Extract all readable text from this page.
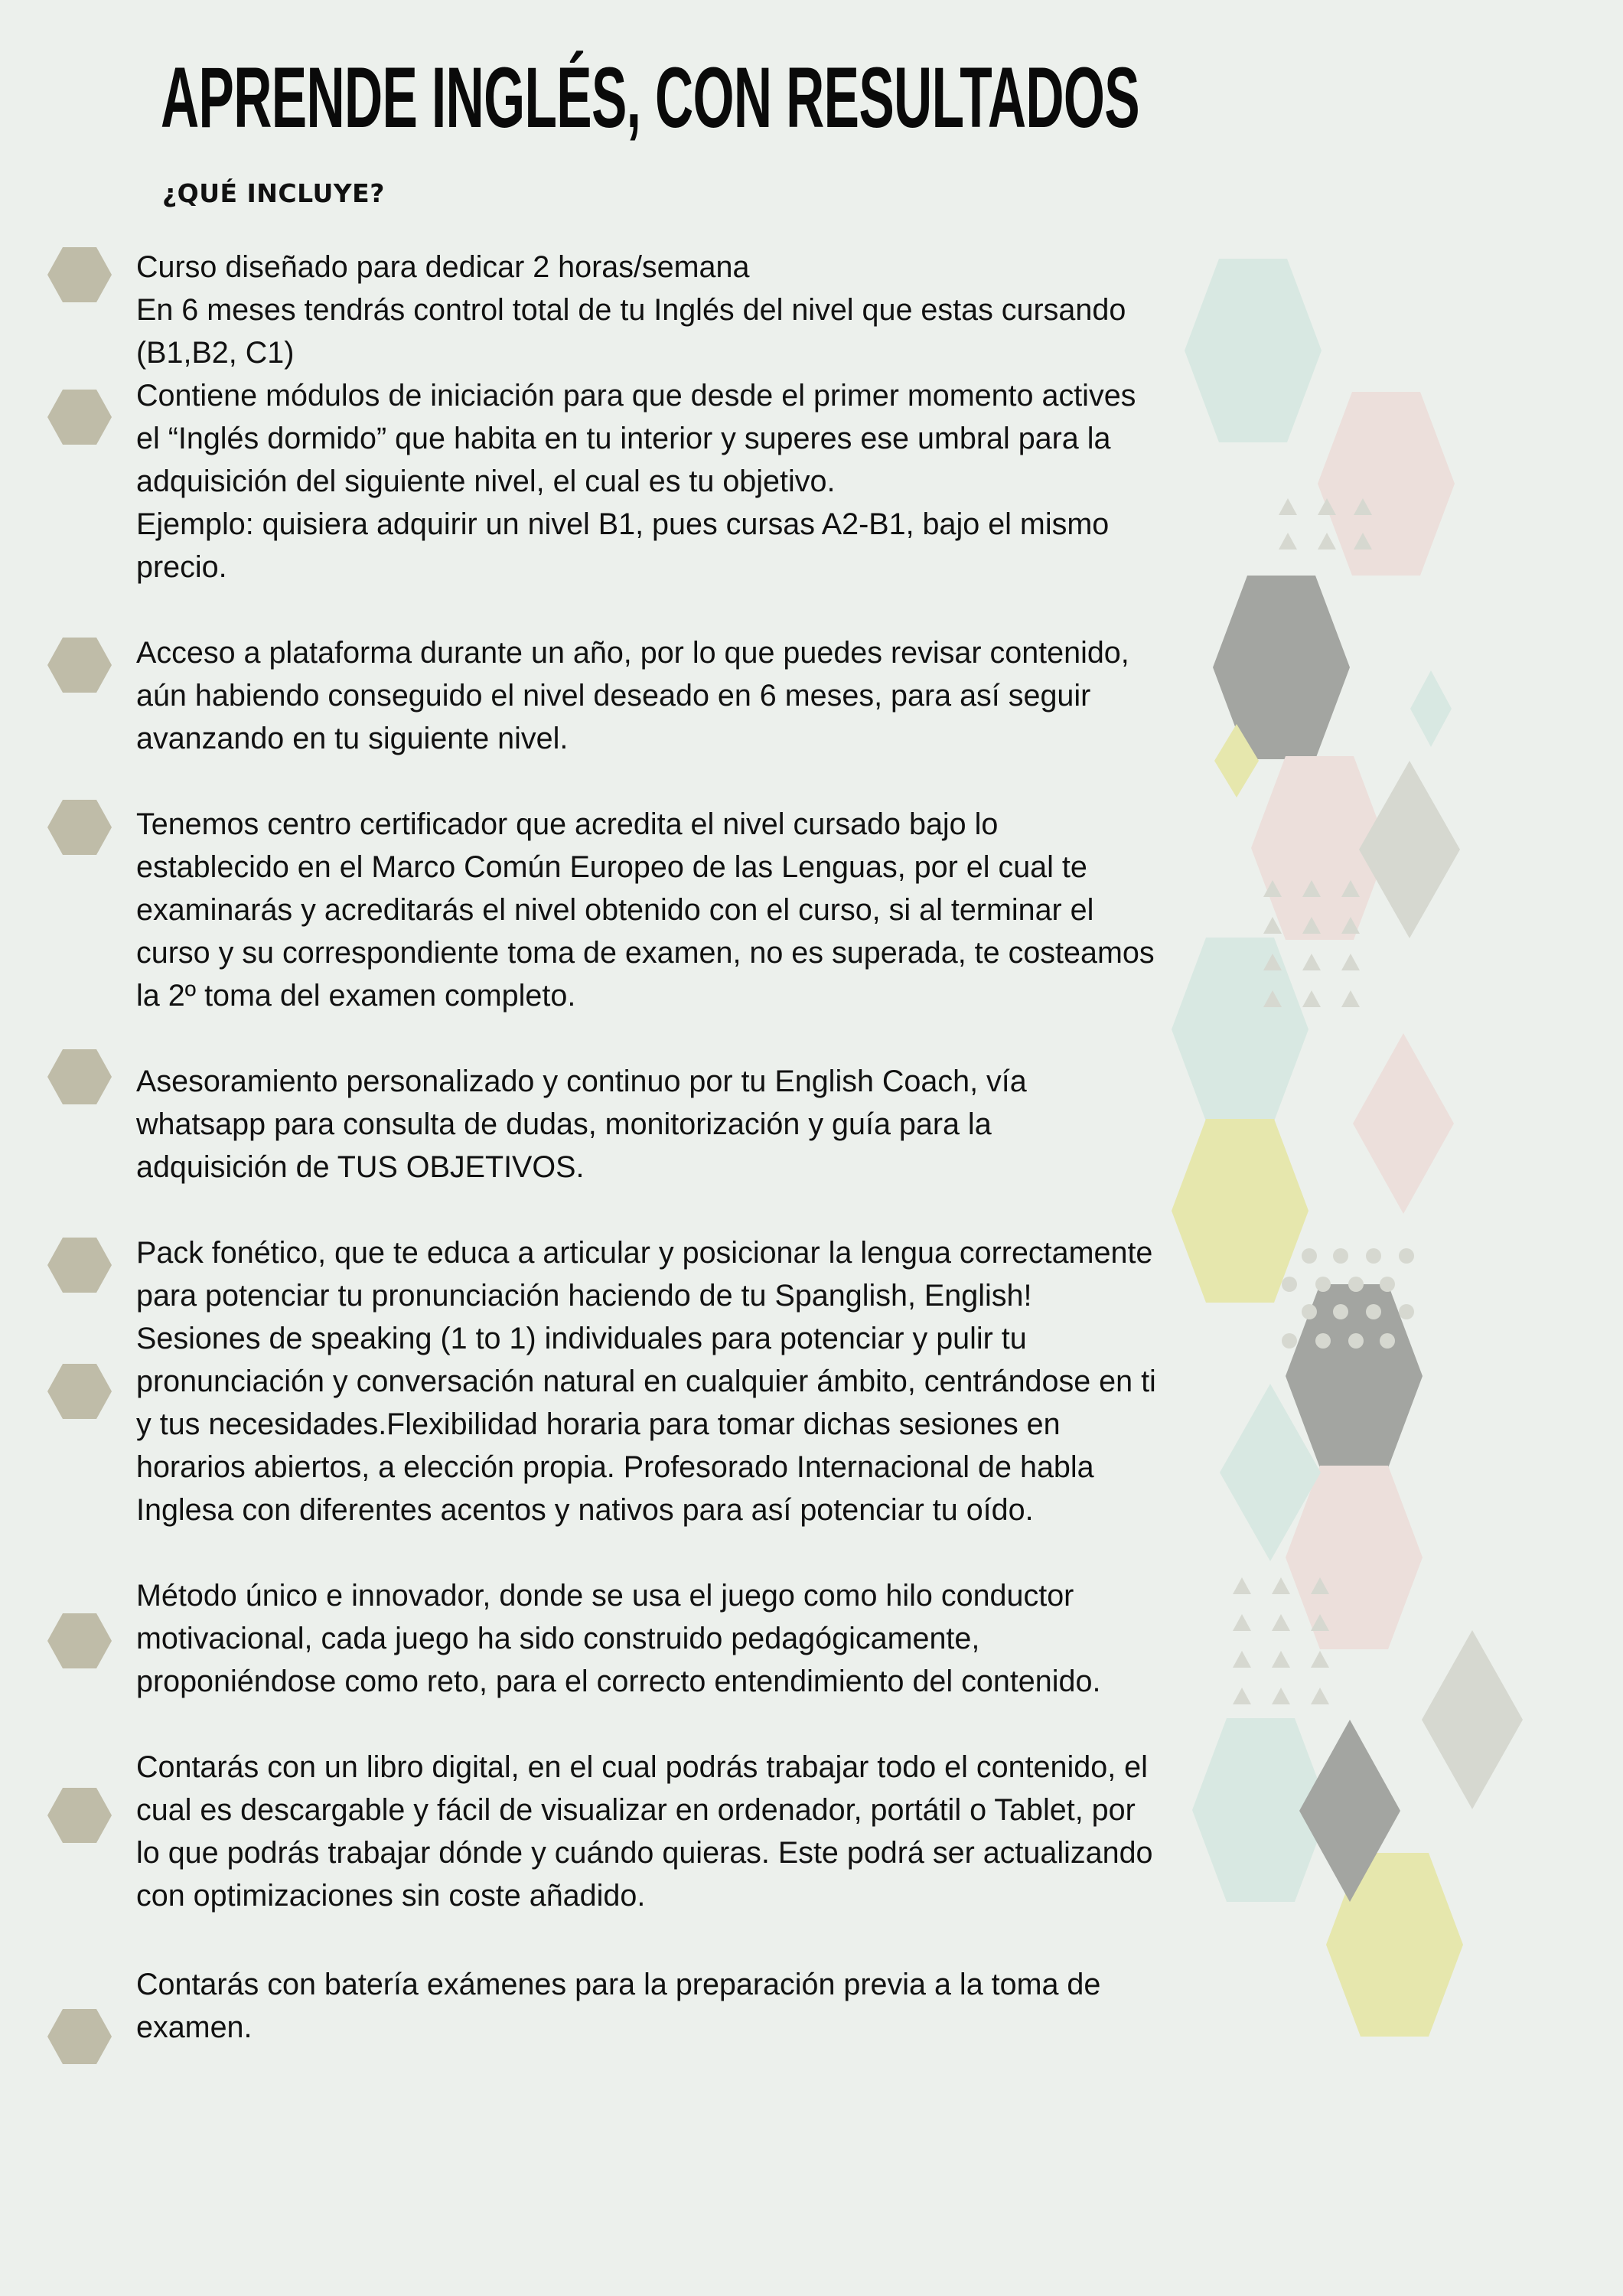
APRENDE INGLÉS, CON RESULTADOS
¿QUÉ INCLUYE?
Curso diseñado para dedicar 2 horas/semana
En 6 meses tendrás control total de tu Inglés del nivel que estas cursando
(B1,B2, C1)
Contiene módulos de iniciación para que desde el primer momento actives
el “Inglés dormido” que habita en tu interior y superes ese umbral para la
adquisición del siguiente nivel, el cual es tu objetivo.
Ejemplo: quisiera adquirir un nivel B1, pues cursas A2-B1, bajo el mismo
precio.
Acceso a plataforma durante un año, por lo que puedes revisar contenido,
aún habiendo conseguido el nivel deseado en 6 meses, para así seguir
avanzando en tu siguiente nivel.
Tenemos centro certificador que acredita el nivel cursado bajo lo
establecido en el Marco Común Europeo de las Lenguas, por el cual te
examinarás y acreditarás el nivel obtenido con el curso, si al terminar el
curso y su correspondiente toma de examen, no es superada, te costeamos
la 2º toma del examen completo.
Asesoramiento personalizado y continuo por tu English Coach, vía
whatsapp para consulta de dudas, monitorización y guía para la
adquisición de TUS OBJETIVOS.
Pack fonético, que te educa a articular y posicionar la lengua correctamente
para potenciar tu pronunciación haciendo de tu Spanglish, English!
Sesiones de speaking (1 to 1) individuales para potenciar y pulir tu
pronunciación y conversación natural en cualquier ámbito, centrándose en ti
y tus necesidades.Flexibilidad horaria para tomar dichas sesiones en
horarios abiertos, a elección propia. Profesorado Internacional de habla
Inglesa con diferentes acentos y nativos para así potenciar tu oído.
Método único e innovador, donde se usa el juego como hilo conductor
motivacional, cada juego ha sido construido pedagógicamente,
proponiéndose como reto, para el correcto entendimiento del contenido.
Contarás con un libro digital, en el cual podrás trabajar todo el contenido, el
cual es descargable y fácil de visualizar en ordenador, portátil o Tablet, por
lo que podrás trabajar dónde y cuándo quieras. Este podrá ser actualizando
con optimizaciones sin coste añadido.
Contarás con batería exámenes para la preparación previa a la toma de
examen.
